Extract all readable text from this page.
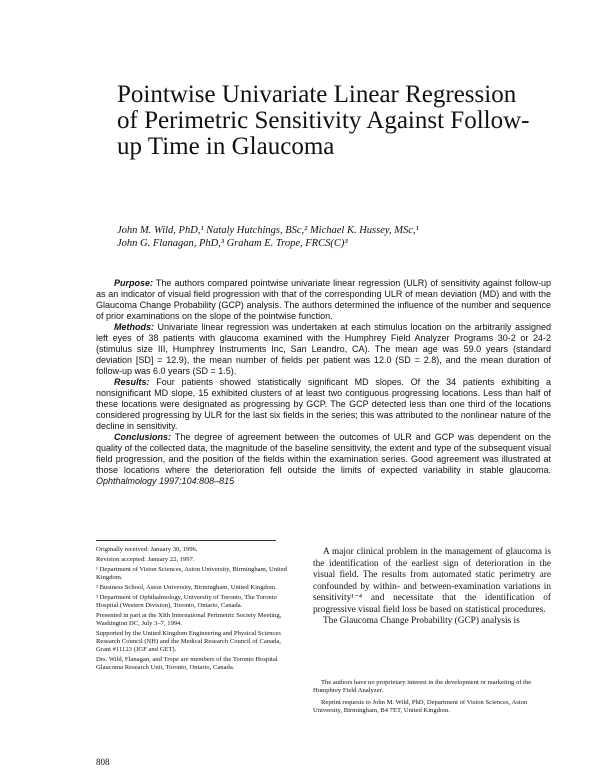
Pointwise Univariate Linear Regression of Perimetric Sensitivity Against Follow-up Time in Glaucoma
John M. Wild, PhD,¹ Nataly Hutchings, BSc,² Michael K. Hussey, MSc,¹
John G. Flanagan, PhD,³ Graham E. Trope, FRCS(C)³

Purpose: The authors compared pointwise univariate linear regression (ULR) of sensitivity against follow-up as an indicator of visual field progression with that of the corresponding ULR of mean deviation (MD) and with the Glaucoma Change Probability (GCP) analysis. The authors determined the influence of the number and sequence of prior examinations on the slope of the pointwise function.

Methods: Univariate linear regression was undertaken at each stimulus location on the arbitrarily assigned left eyes of 38 patients with glaucoma examined with the Humphrey Field Analyzer Programs 30-2 or 24-2 (stimulus size III, Humphrey Instruments Inc, San Leandro, CA). The mean age was 59.0 years (standard deviation [SD] = 12.9), the mean number of fields per patient was 12.0 (SD = 2.8), and the mean duration of follow-up was 6.0 years (SD = 1.5).

Results: Four patients showed statistically significant MD slopes. Of the 34 patients exhibiting a nonsignificant MD slope, 15 exhibited clusters of at least two contiguous progressing locations. Less than half of these locations were designated as progressing by GCP. The GCP detected less than one third of the locations considered progressing by ULR for the last six fields in the series; this was attributed to the nonlinear nature of the decline in sensitivity.

Conclusions: The degree of agreement between the outcomes of ULR and GCP was dependent on the quality of the collected data, the magnitude of the baseline sensitivity, the extent and type of the subsequent visual field progression, and the position of the fields within the examination series. Good agreement was illustrated at those locations where the deterioration fell outside the limits of expected variability in stable glaucoma. Ophthalmology 1997;104:808–815

Originally received: January 30, 1996.

Revision accepted: January 22, 1997.

¹ Department of Vision Sciences, Aston University, Birmingham, United Kingdom.

² Business School, Aston University, Birmingham, United Kingdom.

³ Department of Ophthalmology, University of Toronto, The Toronto Hospital (Western Division), Toronto, Ontario, Canada.

Presented in part at the XIth International Perimetric Society Meeting, Washington DC, July 3–7, 1994.

Supported by the United Kingdom Engineering and Physical Sciences Research Council (NH) and the Medical Research Council of Canada, Grant #11123 (JGF and GET).

Drs. Wild, Flanagan, and Trope are members of the Toronto Hospital Glaucoma Research Unit, Toronto, Ontario, Canada.

A major clinical problem in the management of glaucoma is the identification of the earliest sign of deterioration in the visual field. The results from automated static perimetry are confounded by within- and between-examination variations in sensitivity¹⁻⁴ and necessitate that the identification of progressive visual field loss be based on statistical procedures.

The Glaucoma Change Probability (GCP) analysis is

The authors have no proprietary interest in the development or marketing of the Humphrey Field Analyzer.

Reprint requests to John M. Wild, PhD, Department of Vision Sciences, Aston University, Birmingham, B4 7ET, United Kingdom.

808
